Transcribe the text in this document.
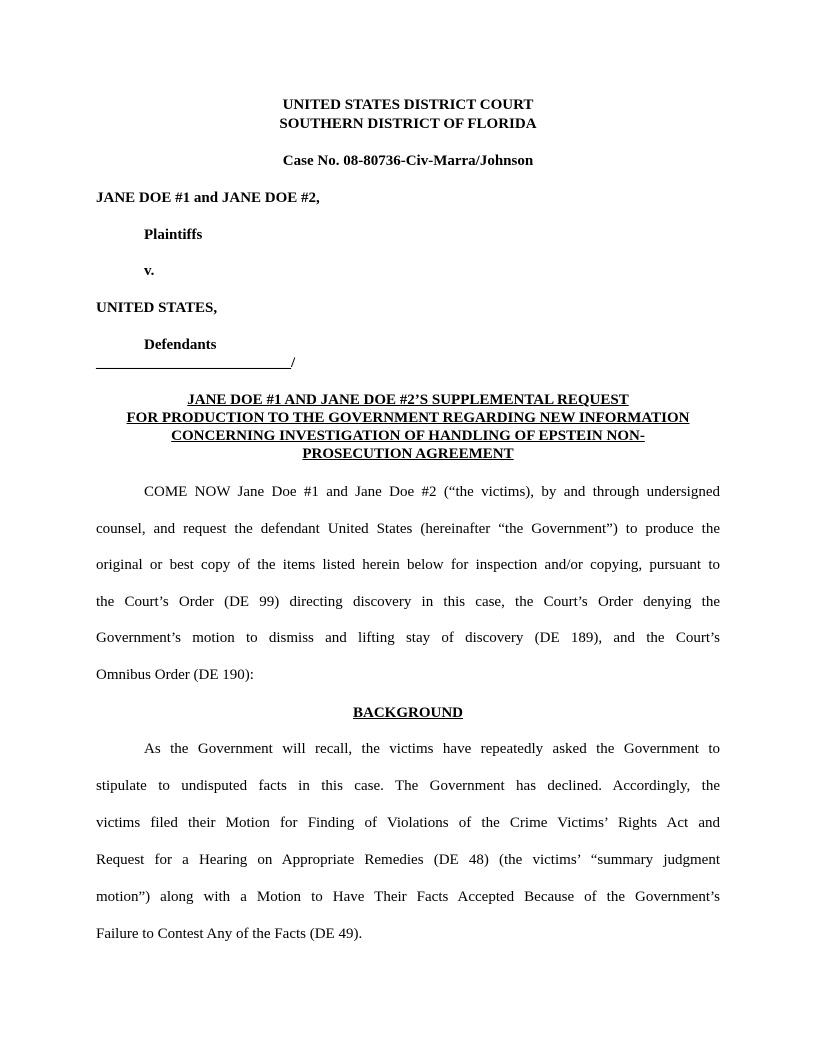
UNITED STATES DISTRICT COURT
SOUTHERN DISTRICT OF FLORIDA
Case No. 08-80736-Civ-Marra/Johnson
JANE DOE #1 and JANE DOE #2,
Plaintiffs
v.
UNITED STATES,
Defendants
__________________________/
JANE DOE #1 AND JANE DOE #2’S SUPPLEMENTAL REQUEST
FOR PRODUCTION TO THE GOVERNMENT REGARDING NEW INFORMATION
CONCERNING INVESTIGATION OF HANDLING OF EPSTEIN NON-
PROSECUTION AGREEMENT
COME NOW Jane Doe #1 and Jane Doe #2 (“the victims), by and through undersigned
counsel, and request the defendant United States (hereinafter “the Government”) to produce the
original or best copy of the items listed herein below for inspection and/or copying, pursuant to
the Court’s Order (DE 99) directing discovery in this case, the Court’s Order denying the
Government’s motion to dismiss and lifting stay of discovery (DE 189), and the Court’s
Omnibus Order (DE 190):
BACKGROUND
As the Government will recall, the victims have repeatedly asked the Government to
stipulate to undisputed facts in this case. The Government has declined. Accordingly, the
victims filed their Motion for Finding of Violations of the Crime Victims’ Rights Act and
Request for a Hearing on Appropriate Remedies (DE 48) (the victims’ “summary judgment
motion”) along with a Motion to Have Their Facts Accepted Because of the Government’s
Failure to Contest Any of the Facts (DE 49).
